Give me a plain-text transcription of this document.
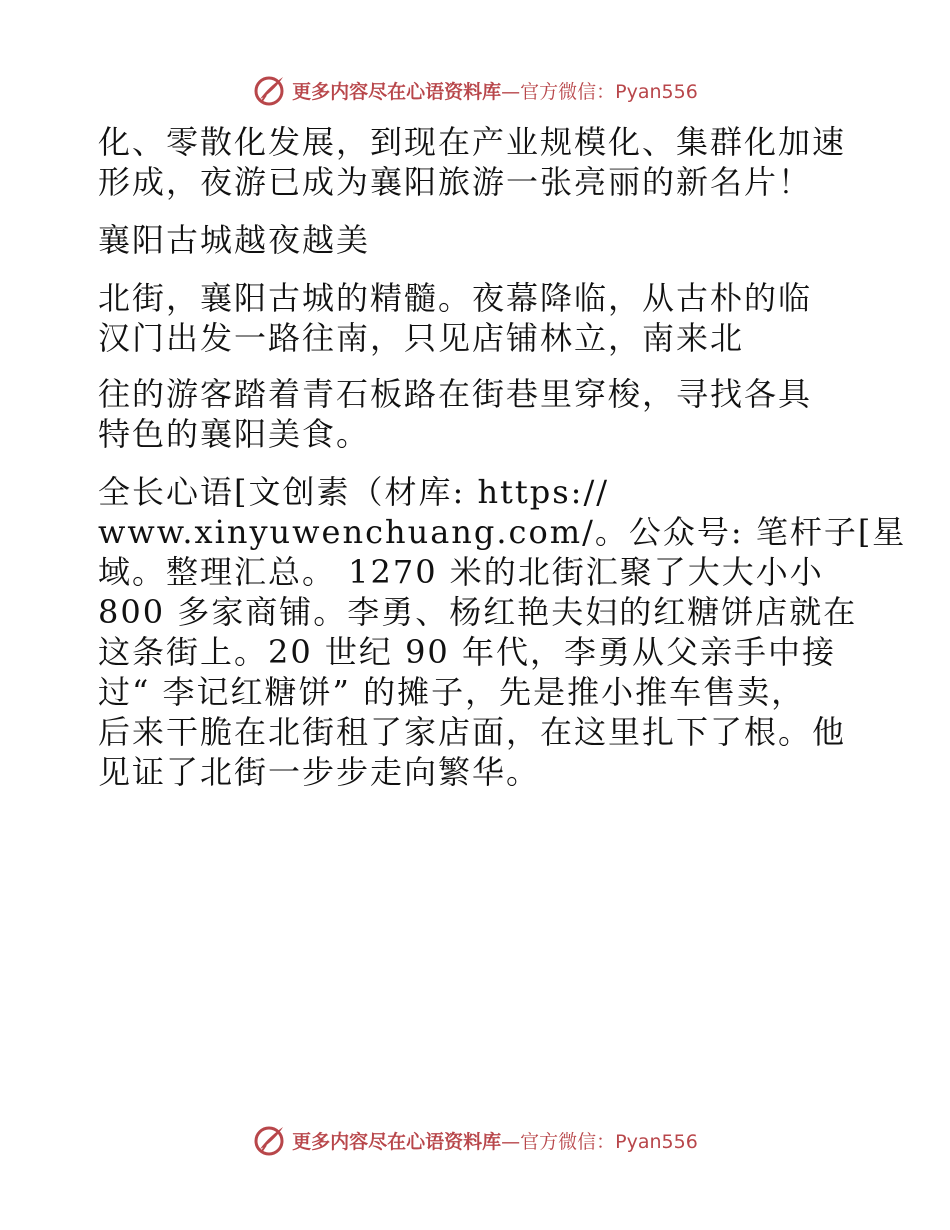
更多内容尽在心语资料库—官方微信：Pyan556
化、零散化发展，到现在产业规模化、集群化加速
形成，夜游已成为襄阳旅游一张亮丽的新名片！
襄阳古城越夜越美
北街，襄阳古城的精髓。夜幕降临，从古朴的临
汉门出发一路往南，只见店铺林立，南来北
往的游客踏着青石板路在街巷里穿梭，寻找各具
特色的襄阳美食。
全长心语[文创素（材库: https://
www.xinyuwenchuang.com/。公众号: 笔杆子[星
域。整理汇总。 1270 米的北街汇聚了大大小小
800 多家商铺。李勇、杨红艳夫妇的红糖饼店就在
这条街上。20 世纪 90 年代，李勇从父亲手中接
过“ 李记红糖饼” 的摊子，先是推小推车售卖，
后来干脆在北街租了家店面，在这里扎下了根。他
见证了北街一步步走向繁华。
更多内容尽在心语资料库—官方微信：Pyan556
